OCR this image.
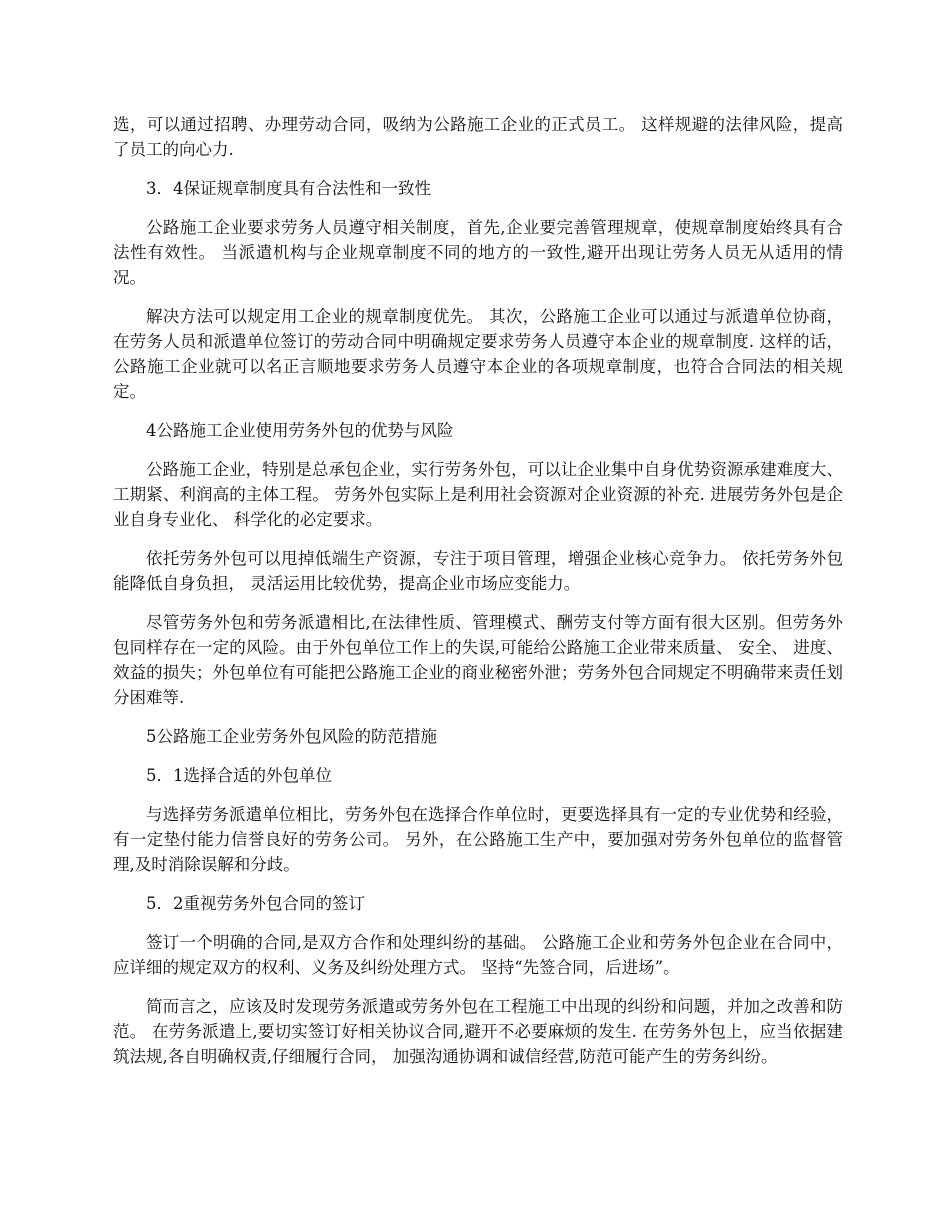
选，可以通过招聘、办理劳动合同，吸纳为公路施工企业的正式员工。 这样规避的法律风险，提高了员工的向心力.

3．4保证规章制度具有合法性和一致性

公路施工企业要求劳务人员遵守相关制度，首先,企业要完善管理规章，使规章制度始终具有合法性有效性。 当派遣机构与企业规章制度不同的地方的一致性,避开出现让劳务人员无从适用的情况。

解决方法可以规定用工企业的规章制度优先。 其次，公路施工企业可以通过与派遣单位协商，在劳务人员和派遣单位签订的劳动合同中明确规定要求劳务人员遵守本企业的规章制度. 这样的话，公路施工企业就可以名正言顺地要求劳务人员遵守本企业的各项规章制度，也符合合同法的相关规定。

4公路施工企业使用劳务外包的优势与风险

公路施工企业，特别是总承包企业，实行劳务外包，可以让企业集中自身优势资源承建难度大、工期紧、利润高的主体工程。 劳务外包实际上是利用社会资源对企业资源的补充. 进展劳务外包是企业自身专业化、 科学化的必定要求。

依托劳务外包可以甩掉低端生产资源，专注于项目管理，增强企业核心竞争力。 依托劳务外包能降低自身负担， 灵活运用比较优势，提高企业市场应变能力。

尽管劳务外包和劳务派遣相比,在法律性质、管理模式、酬劳支付等方面有很大区别。但劳务外包同样存在一定的风险。由于外包单位工作上的失误,可能给公路施工企业带来质量、 安全、 进度、效益的损失；外包单位有可能把公路施工企业的商业秘密外泄；劳务外包合同规定不明确带来责任划分困难等.

5公路施工企业劳务外包风险的防范措施

5．1选择合适的外包单位

与选择劳务派遣单位相比，劳务外包在选择合作单位时，更要选择具有一定的专业优势和经验，有一定垫付能力信誉良好的劳务公司。 另外，在公路施工生产中，要加强对劳务外包单位的监督管理,及时消除误解和分歧。

5．2重视劳务外包合同的签订

签订一个明确的合同,是双方合作和处理纠纷的基础。 公路施工企业和劳务外包企业在合同中，应详细的规定双方的权利、义务及纠纷处理方式。 坚持“先签合同，后进场”。

简而言之，应该及时发现劳务派遣或劳务外包在工程施工中出现的纠纷和问题，并加之改善和防范。 在劳务派遣上,要切实签订好相关协议合同,避开不必要麻烦的发生. 在劳务外包上，应当依据建筑法规,各自明确权责,仔细履行合同， 加强沟通协调和诚信经营,防范可能产生的劳务纠纷。
